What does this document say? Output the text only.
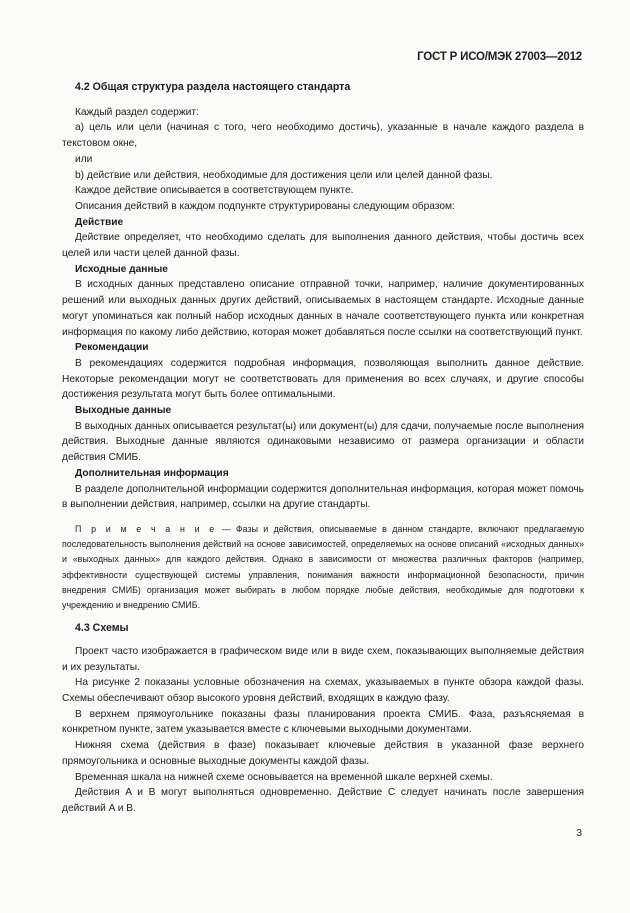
ГОСТ Р ИСО/МЭК 27003—2012
4.2 Общая структура раздела настоящего стандарта

Каждый раздел содержит:

а) цель или цели (начиная с того, чего необходимо достичь), указанные в начале каждого раздела в текстовом окне,

или

b) действие или действия, необходимые для достижения цели или целей данной фазы.

Каждое действие описывается в соответствующем пункте.

Описания действий в каждом подпункте структурированы следующим образом:

Действие

Действие определяет, что необходимо сделать для выполнения данного действия, чтобы достичь всех целей или части целей данной фазы.

Исходные данные

В исходных данных представлено описание отправной точки, например, наличие документированных решений или выходных данных других действий, описываемых в настоящем стандарте. Исходные данные могут упоминаться как полный набор исходных данных в начале соответствующего пункта или конкретная информация по какому либо действию, которая может добавляться после ссылки на соответствующий пункт.

Рекомендации

В рекомендациях содержится подробная информация, позволяющая выполнить данное действие. Некоторые рекомендации могут не соответствовать для применения во всех случаях, и другие способы достижения результата могут быть более оптимальными.

Выходные данные

В выходных данных описывается результат(ы) или документ(ы) для сдачи, получаемые после выполнения действия. Выходные данные являются одинаковыми независимо от размера организации и области действия СМИБ.

Дополнительная информация

В разделе дополнительной информации содержится дополнительная информация, которая может помочь в выполнении действия, например, ссылки на другие стандарты.

П р и м е ч а н и е — Фазы и действия, описываемые в данном стандарте, включают предлагаемую последовательность выполнения действий на основе зависимостей, определяемых на основе описаний «исходных данных» и «выходных данных» для каждого действия. Однако в зависимости от множества различных факторов (например, эффективности существующей системы управления, понимания важности информационной безопасности, причин внедрения СМИБ) организация может выбирать в любом порядке любые действия, необходимые для подготовки к учреждению и внедрению СМИБ.
4.3 Схемы

Проект часто изображается в графическом виде или в виде схем, показывающих выполняемые действия и их результаты.

На рисунке 2 показаны условные обозначения на схемах, указываемых в пункте обзора каждой фазы. Схемы обеспечивают обзор высокого уровня действий, входящих в каждую фазу.

В верхнем прямоугольнике показаны фазы планирования проекта СМИБ. Фаза, разъясняемая в конкретном пункте, затем указывается вместе с ключевыми выходными документами.

Нижняя схема (действия в фазе) показывает ключевые действия в указанной фазе верхнего прямоугольника и основные выходные документы каждой фазы.

Временная шкала на нижней схеме основывается на временной шкале верхней схемы.

Действия A и B могут выполняться одновременно. Действие C следует начинать после завершения действий A и B.

3
